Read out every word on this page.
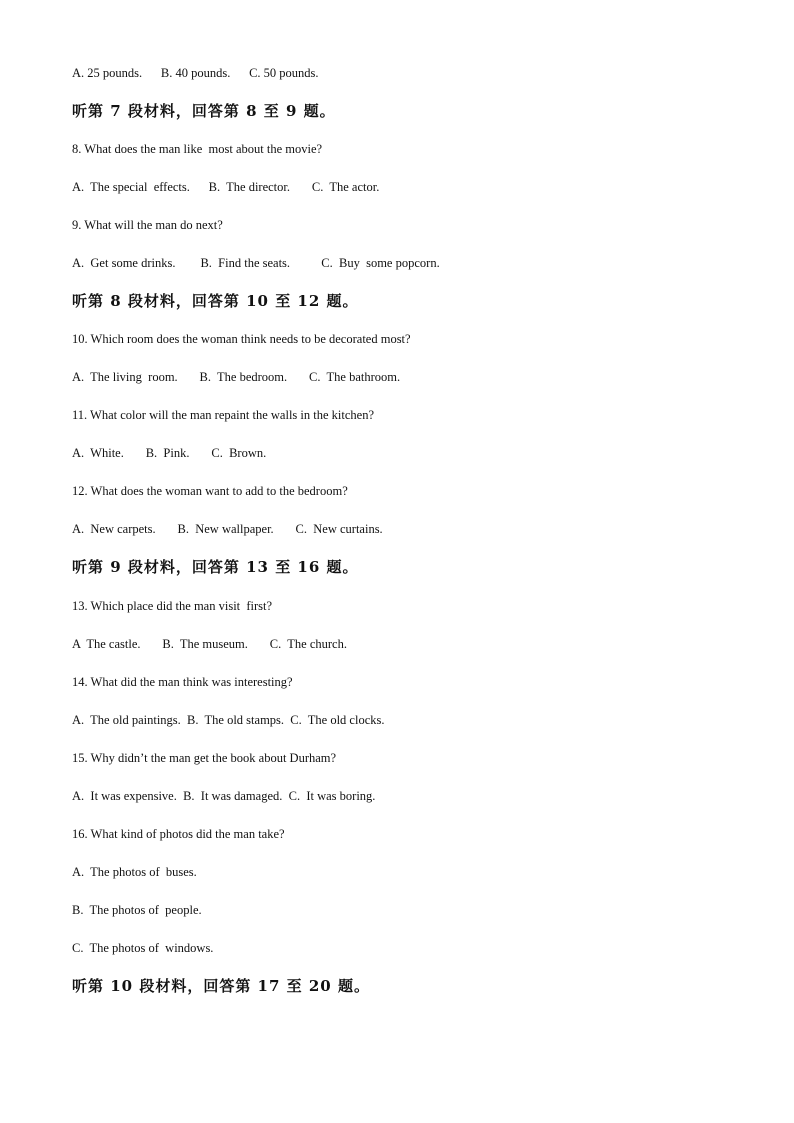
A. 25 pounds.      B. 40 pounds.      C. 50 pounds.
听第 7 段材料，回答第 8 至 9 题。
8. What does the man like  most about the movie?
A.  The special  effects.      B.  The director.       C.  The actor.
9. What will the man do next?
A.  Get some drinks.        B.  Find the seats.          C.  Buy  some popcorn.
听第 8 段材料，回答第 10 至 12 题。
10. Which room does the woman think needs to be decorated most?
A.  The living  room.       B.  The bedroom.       C.  The bathroom.
11. What color will the man repaint the walls in the kitchen?
A.  White.       B.  Pink.       C.  Brown.
12. What does the woman want to add to the bedroom?
A.  New carpets.       B.  New wallpaper.       C.  New curtains.
听第 9 段材料，回答第 13 至 16 题。
13. Which place did the man visit  first?
A  The castle.       B.  The museum.       C.  The church.
14. What did the man think was interesting?
A.  The old paintings.  B.  The old stamps.  C.  The old clocks.
15. Why didn’t the man get the book about Durham?
A.  It was expensive.  B.  It was damaged.  C.  It was boring.
16. What kind of photos did the man take?
A.  The photos of  buses.
B.  The photos of  people.
C.  The photos of  windows.
听第 10 段材料，回答第 17 至 20 题。
